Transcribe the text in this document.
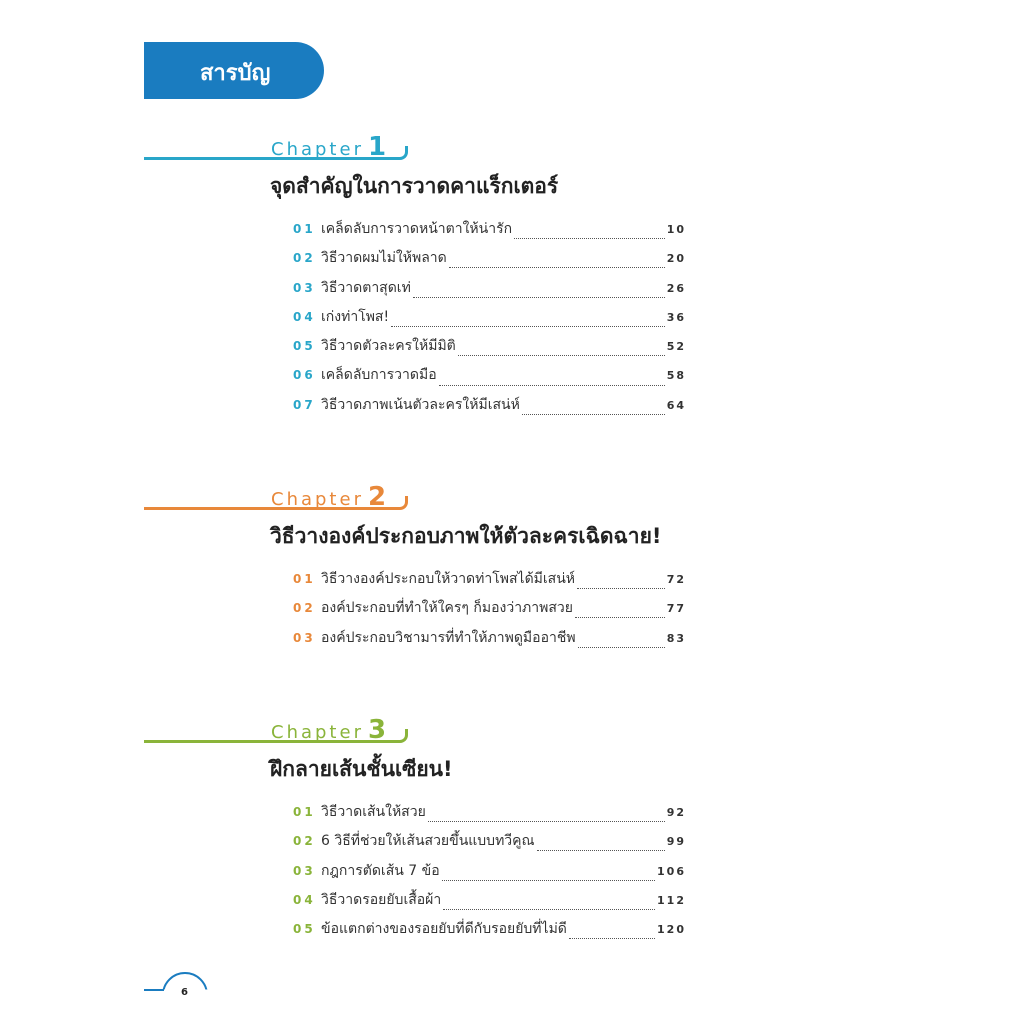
สารบัญ
Chapter 1
จุดสำคัญในการวาดคาแร็กเตอร์
01 เคล็ดลับการวาดหน้าตาให้น่ารัก	10
02 วิธีวาดผมไม่ให้พลาด	20
03 วิธีวาดตาสุดเท่	26
04 เก่งท่าโพส!	36
05 วิธีวาดตัวละครให้มีมิติ	52
06 เคล็ดลับการวาดมือ	58
07 วิธีวาดภาพเน้นตัวละครให้มีเสน่ห์	64
Chapter 2
วิธีวางองค์ประกอบภาพให้ตัวละครเฉิดฉาย!
01 วิธีวางองค์ประกอบให้วาดท่าโพสได้มีเสน่ห์	72
02 องค์ประกอบที่ทำให้ใครๆ ก็มองว่าภาพสวย	77
03 องค์ประกอบวิชามารที่ทำให้ภาพดูมืออาชีพ	83
Chapter 3
ฝึกลายเส้นชั้นเซียน!
01 วิธีวาดเส้นให้สวย	92
02 6 วิธีที่ช่วยให้เส้นสวยขึ้นแบบทวีคูณ	99
03 กฎการตัดเส้น 7 ข้อ	106
04 วิธีวาดรอยยับเสื้อผ้า	112
05 ข้อแตกต่างของรอยยับที่ดีกับรอยยับที่ไม่ดี	120
6
